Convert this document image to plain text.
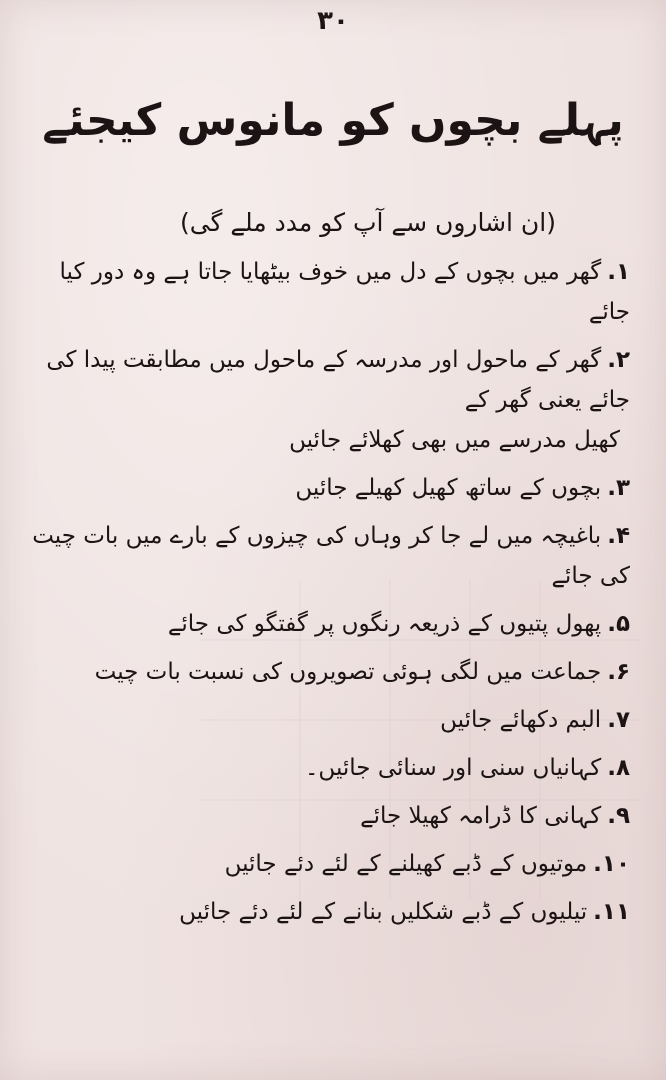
۳۰
پہلے بچوں کو مانوس کیجئے
(ان اشاروں سے آپ کو مدد ملے گی)
۱.گھر میں بچوں کے دل میں خوف بیٹھایا جاتا ہے وہ دور کیا جائے
۲.گھر کے ماحول اور مدرسہ کے ماحول میں مطابقت پیدا کی جائے یعنی گھر کے
کھیل مدرسے میں بھی کھلائے جائیں
۳.بچوں کے ساتھ کھیل کھیلے جائیں
۴.باغیچہ میں لے جا کر وہاں کی چیزوں کے بارے میں بات چیت کی جائے
۵.پھول پتیوں کے ذریعہ رنگوں پر گفتگو کی جائے
۶.جماعت میں لگی ہوئی تصویروں کی نسبت بات چیت
۷.البم دکھائے جائیں
۸.کہانیاں سنی اور سنائی جائیں۔
۹.کہانی کا ڈرامہ کھیلا جائے
۱۰.موتیوں کے ڈبے کھیلنے کے لئے دئے جائیں
۱۱.تیلیوں کے ڈبے شکلیں بنانے کے لئے دئے جائیں
